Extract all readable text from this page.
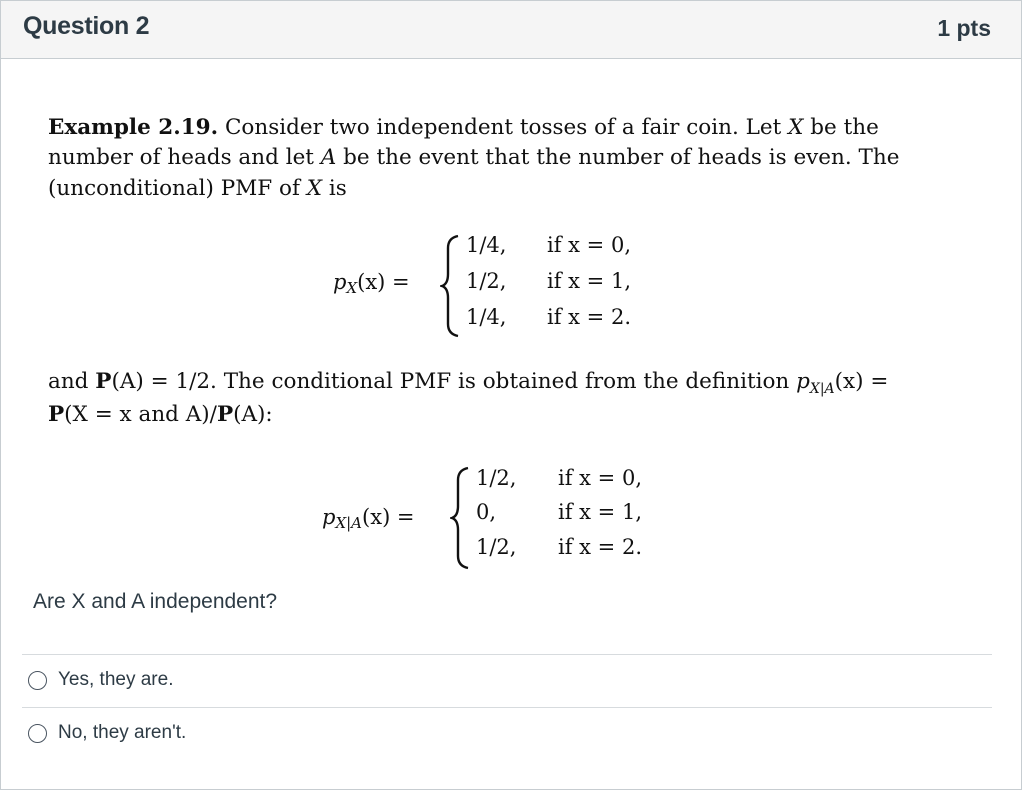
Question 2	1 pts
Example 2.19. Consider two independent tosses of a fair coin. Let X be the
number of heads and let A be the event that the number of heads is even. The
(unconditional) PMF of X is
pX(x) =
1/4, if x = 0,
1/2, if x = 1,
1/4, if x = 2.
and P(A) = 1/2. The conditional PMF is obtained from the definition $p_{X|A}(x)$ =
P(X = x and A)/P(A):
pX|A(x) =
1/2, if x = 0,
0,	if x = 1,
1/2, if x = 2.
Are X and A independent?
Yes, they are.
No, they aren't.
